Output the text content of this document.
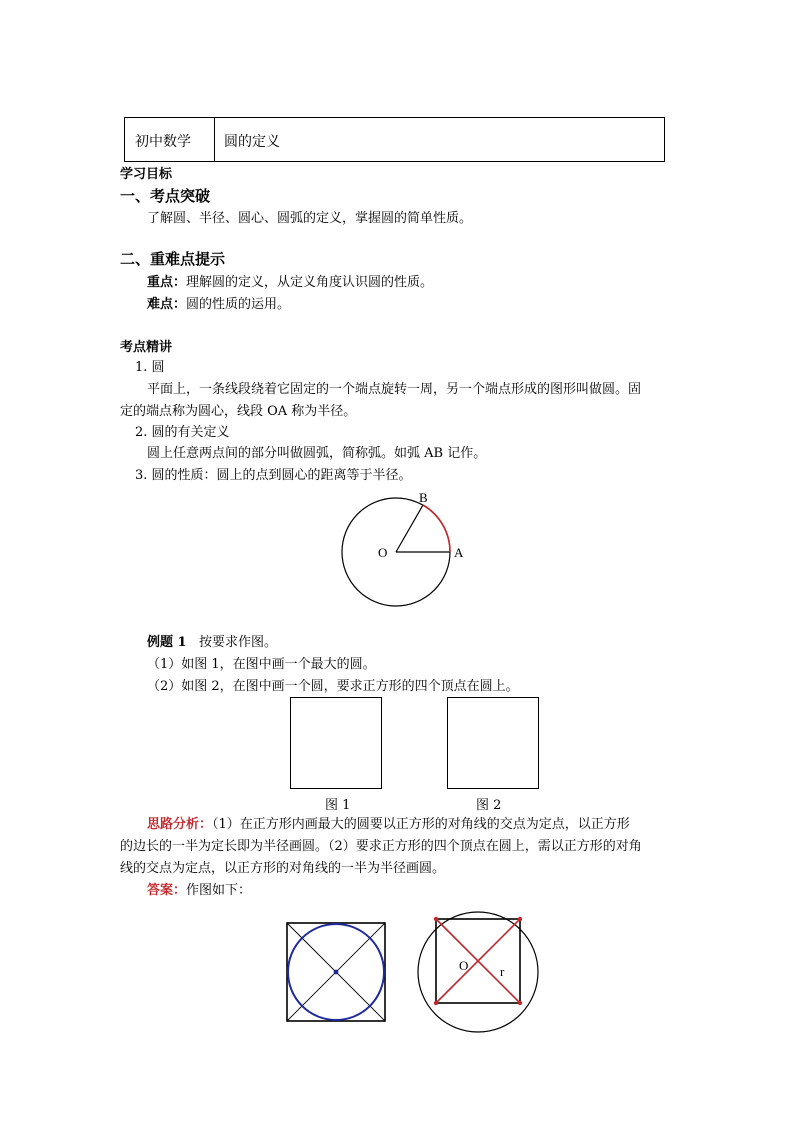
初中数学 圆的定义
学习目标
一、考点突破
了解圆、半径、圆心、圆弧的定义，掌握圆的简单性质。
二、重难点提示
重点：理解圆的定义，从定义角度认识圆的性质。
难点：圆的性质的运用。
考点精讲
1. 圆
平面上，一条线段绕着它固定的一个端点旋转一周，另一个端点形成的图形叫做圆。固
定的端点称为圆心，线段 OA 称为半径。
2. 圆的有关定义
圆上任意两点间的部分叫做圆弧，简称弧。如弧 AB 记作。
3. 圆的性质：圆上的点到圆心的距离等于半径。
O	A
B
例题 1 按要求作图。
（1）如图 1，在图中画一个最大的圆。
（2）如图 2，在图中画一个圆，要求正方形的四个顶点在圆上。
图 1	图 2
思路分析：（1）在正方形内画最大的圆要以正方形的对角线的交点为定点，以正方形
的边长的一半为定长即为半径画圆。（2）要求正方形的四个顶点在圆上，需以正方形的对角
线的交点为定点，以正方形的对角线的一半为半径画圆。
答案：作图如下：
O r
